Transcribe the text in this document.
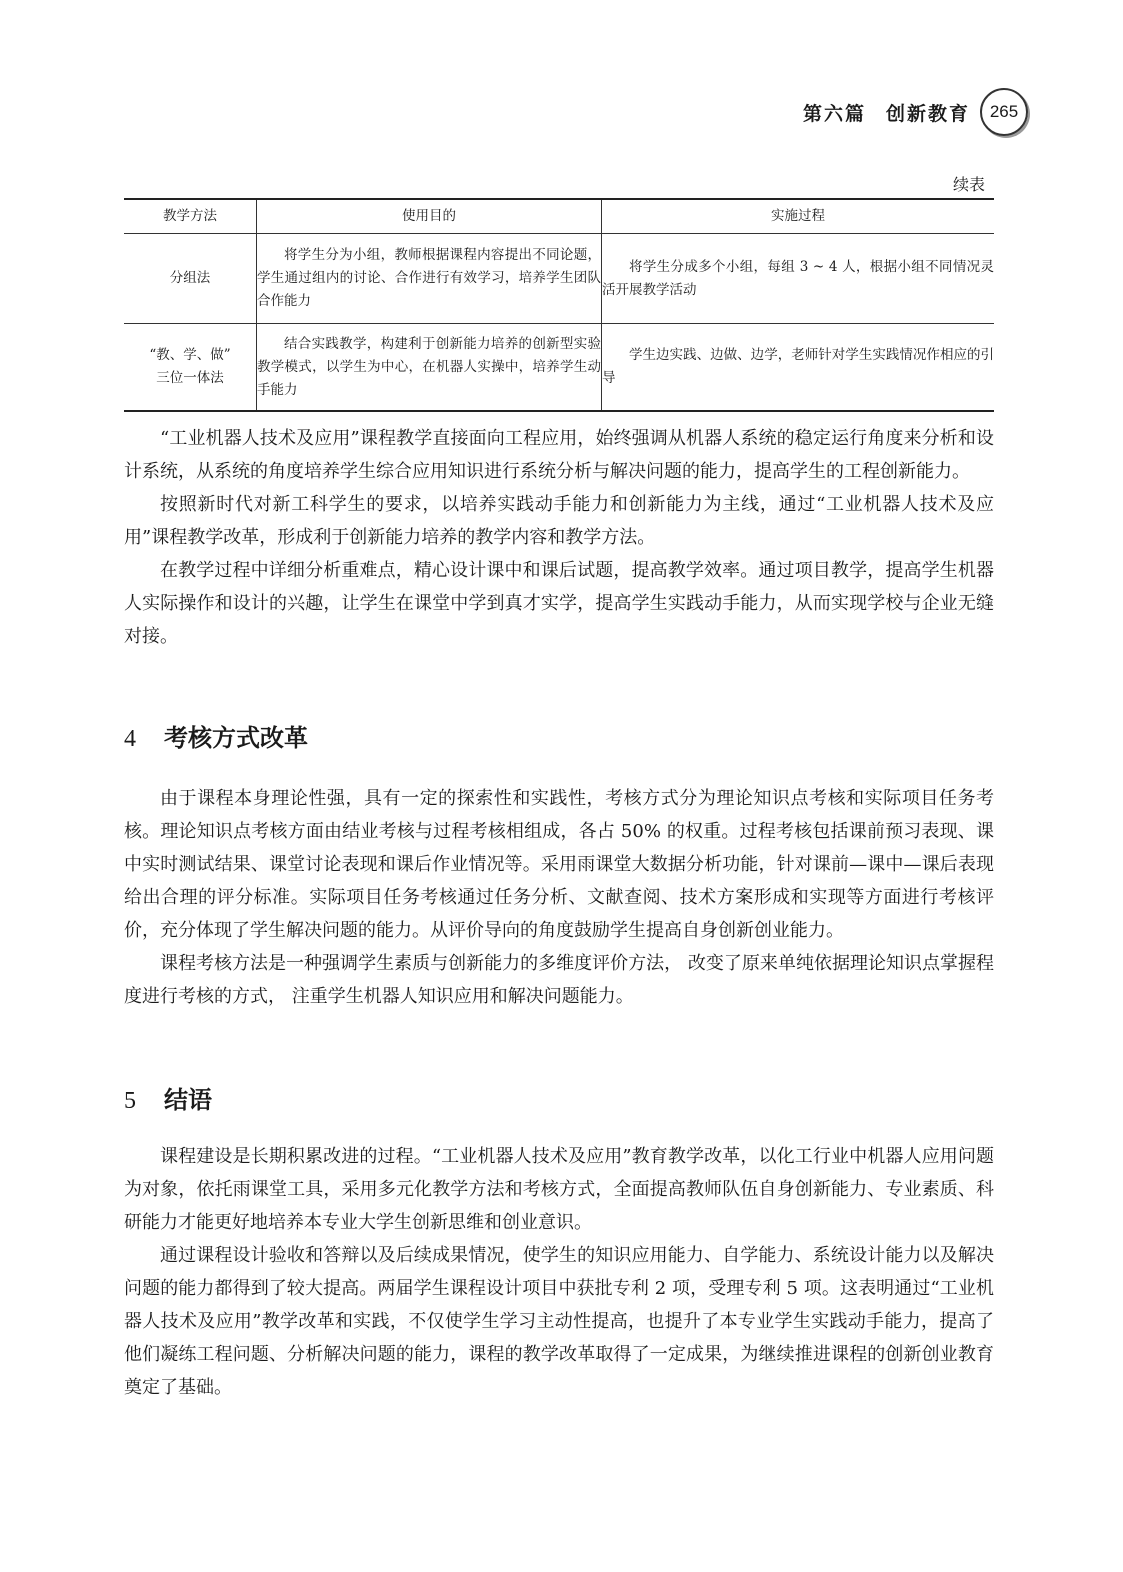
第六篇 创新教育	265
续表
教学方法	使用目的	实施过程

分组法	将学生分为小组，教师根据课程内容提出不同论题，学生通过组内的讨论、合作进行有效学习，培养学生团队合作能力	将学生分成多个小组，每组 3 ~ 4 人，根据小组不同情况灵活开展教学活动

“教、学、做”
三位一体法	结合实践教学，构建利于创新能力培养的创新型实验教学模式，以学生为中心，在机器人实操中，培养学生动手能力	学生边实践、边做、边学，老师针对学生实践情况作相应的引导

“工业机器人技术及应用”课程教学直接面向工程应用，始终强调从机器人系统的稳定运行角度来分析和设计系统，从系统的角度培养学生综合应用知识进行系统分析与解决问题的能力，提高学生的工程创新能力。

按照新时代对新工科学生的要求，以培养实践动手能力和创新能力为主线，通过“工业机器人技术及应用”课程教学改革，形成利于创新能力培养的教学内容和教学方法。

在教学过程中详细分析重难点，精心设计课中和课后试题，提高教学效率。通过项目教学，提高学生机器人实际操作和设计的兴趣，让学生在课堂中学到真才实学，提高学生实践动手能力，从而实现学校与企业无缝对接。

4 考核方式改革

由于课程本身理论性强，具有一定的探索性和实践性，考核方式分为理论知识点考核和实际项目任务考核。理论知识点考核方面由结业考核与过程考核相组成，各占 50% 的权重。过程考核包括课前预习表现、课中实时测试结果、课堂讨论表现和课后作业情况等。采用雨课堂大数据分析功能，针对课前—课中—课后表现给出合理的评分标准。实际项目任务考核通过任务分析、文献查阅、技术方案形成和实现等方面进行考核评价，充分体现了学生解决问题的能力。从评价导向的角度鼓励学生提高自身创新创业能力。

课程考核方法是一种强调学生素质与创新能力的多维度评价方法， 改变了原来单纯依据理论知识点掌握程度进行考核的方式， 注重学生机器人知识应用和解决问题能力。

5 结语

课程建设是长期积累改进的过程。“工业机器人技术及应用”教育教学改革，以化工行业中机器人应用问题为对象，依托雨课堂工具，采用多元化教学方法和考核方式，全面提高教师队伍自身创新能力、专业素质、科研能力才能更好地培养本专业大学生创新思维和创业意识。

通过课程设计验收和答辩以及后续成果情况，使学生的知识应用能力、自学能力、系统设计能力以及解决问题的能力都得到了较大提高。两届学生课程设计项目中获批专利 2 项，受理专利 5 项。这表明通过“工业机器人技术及应用”教学改革和实践，不仅使学生学习主动性提高，也提升了本专业学生实践动手能力，提高了他们凝练工程问题、分析解决问题的能力，课程的教学改革取得了一定成果，为继续推进课程的创新创业教育奠定了基础。
